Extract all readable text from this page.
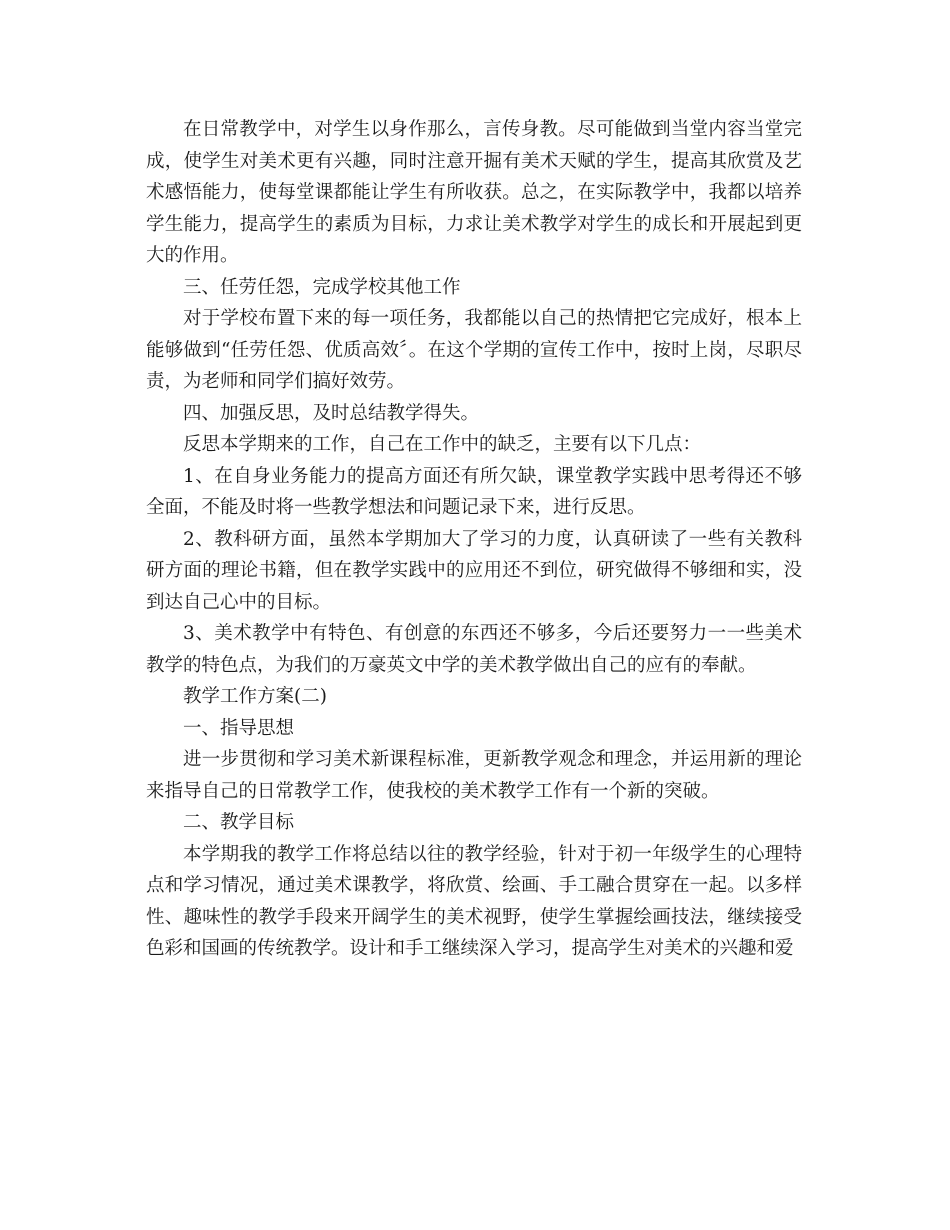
在日常教学中，对学生以身作那么，言传身教。尽可能做到当堂内容当堂完成，使学生对美术更有兴趣，同时注意开掘有美术天赋的学生，提高其欣赏及艺术感悟能力，使每堂课都能让学生有所收获。总之，在实际教学中，我都以培养学生能力，提高学生的素质为目标，力求让美术教学对学生的成长和开展起到更大的作用。

三、任劳任怨，完成学校其他工作

对于学校布置下来的每一项任务，我都能以自己的热情把它完成好，根本上能够做到“任劳任怨、优质高效〞。在这个学期的宣传工作中，按时上岗，尽职尽责，为老师和同学们搞好效劳。

四、加强反思，及时总结教学得失。

反思本学期来的工作，自己在工作中的缺乏，主要有以下几点：

1、在自身业务能力的提高方面还有所欠缺，课堂教学实践中思考得还不够全面，不能及时将一些教学想法和问题记录下来，进行反思。

2、教科研方面，虽然本学期加大了学习的力度，认真研读了一些有关教科研方面的理论书籍，但在教学实践中的应用还不到位，研究做得不够细和实，没到达自己心中的目标。

3、美术教学中有特色、有创意的东西还不够多，今后还要努力一一些美术教学的特色点，为我们的万豪英文中学的美术教学做出自己的应有的奉献。

教学工作方案(二)

一、指导思想

进一步贯彻和学习美术新课程标准，更新教学观念和理念，并运用新的理论来指导自己的日常教学工作，使我校的美术教学工作有一个新的突破。

二、教学目标

本学期我的教学工作将总结以往的教学经验，针对于初一年级学生的心理特点和学习情况，通过美术课教学，将欣赏、绘画、手工融合贯穿在一起。以多样性、趣味性的教学手段来开阔学生的美术视野，使学生掌握绘画技法，继续接受色彩和国画的传统教学。设计和手工继续深入学习，提高学生对美术的兴趣和爱
